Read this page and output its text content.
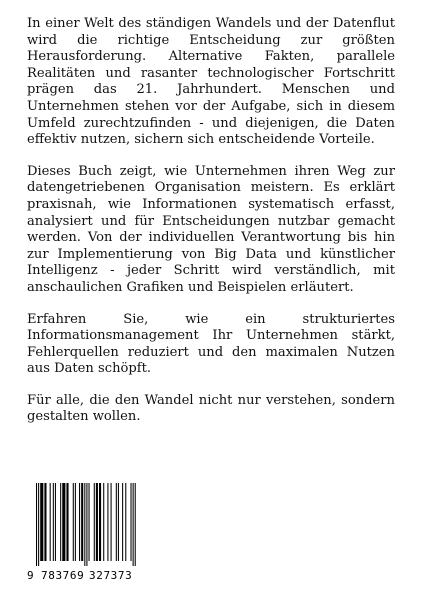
In einer Welt des ständigen Wandels und der Datenflut wird die richtige Entscheidung zur größten Herausforderung. Alternative Fakten, parallele Realitäten und rasanter technologischer Fortschritt prägen das 21. Jahrhundert. Menschen und Unternehmen stehen vor der Aufgabe, sich in diesem Umfeld zurechtzufinden - und diejenigen, die Daten effektiv nutzen, sichern sich entscheidende Vorteile.

Dieses Buch zeigt, wie Unternehmen ihren Weg zur datengetriebenen Organisation meistern. Es erklärt praxisnah, wie Informationen systematisch erfasst, analysiert und für Entscheidungen nutzbar gemacht werden. Von der individuellen Verantwortung bis hin zur Implementierung von Big Data und künstlicher Intelligenz - jeder Schritt wird verständlich, mit anschaulichen Grafiken und Beispielen erläutert.

Erfahren Sie, wie ein strukturiertes Informationsmanagement Ihr Unternehmen stärkt, Fehlerquellen reduziert und den maximalen Nutzen aus Daten schöpft.

Für alle, die den Wandel nicht nur verstehen, sondern gestalten wollen.

9 783769 327373
